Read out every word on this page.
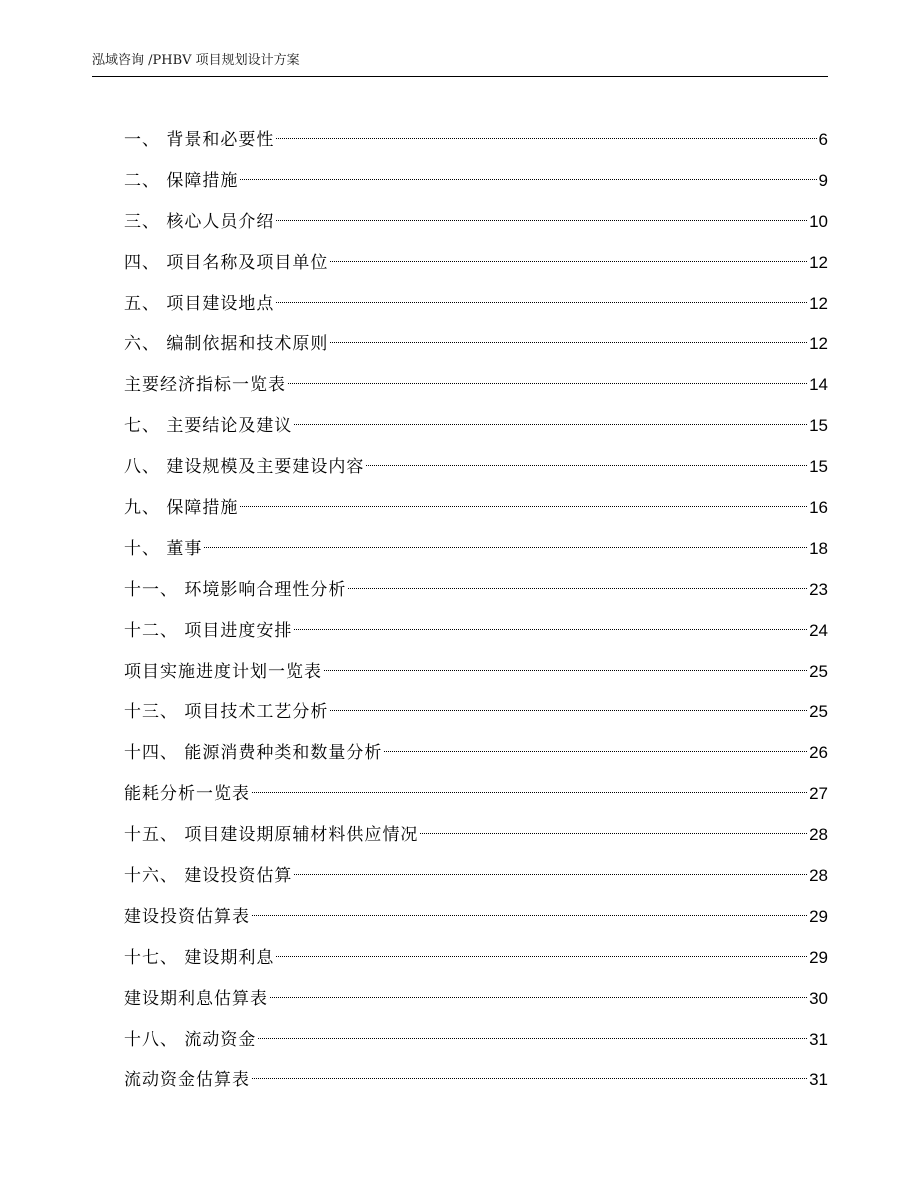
泓域咨询 /PHBV 项目规划设计方案
一、 背景和必要性	6
二、 保障措施	9
三、 核心人员介绍	10
四、 项目名称及项目单位	12
五、 项目建设地点	12
六、 编制依据和技术原则	12
主要经济指标一览表	14
七、 主要结论及建议	15
八、 建设规模及主要建设内容	15
九、 保障措施	16
十、 董事	18
十一、 环境影响合理性分析	23
十二、 项目进度安排	24
项目实施进度计划一览表	25
十三、 项目技术工艺分析	25
十四、 能源消费种类和数量分析	26
能耗分析一览表	27
十五、 项目建设期原辅材料供应情况	28
十六、 建设投资估算	28
建设投资估算表	29
十七、 建设期利息	29
建设期利息估算表	30
十八、 流动资金	31
流动资金估算表	31
